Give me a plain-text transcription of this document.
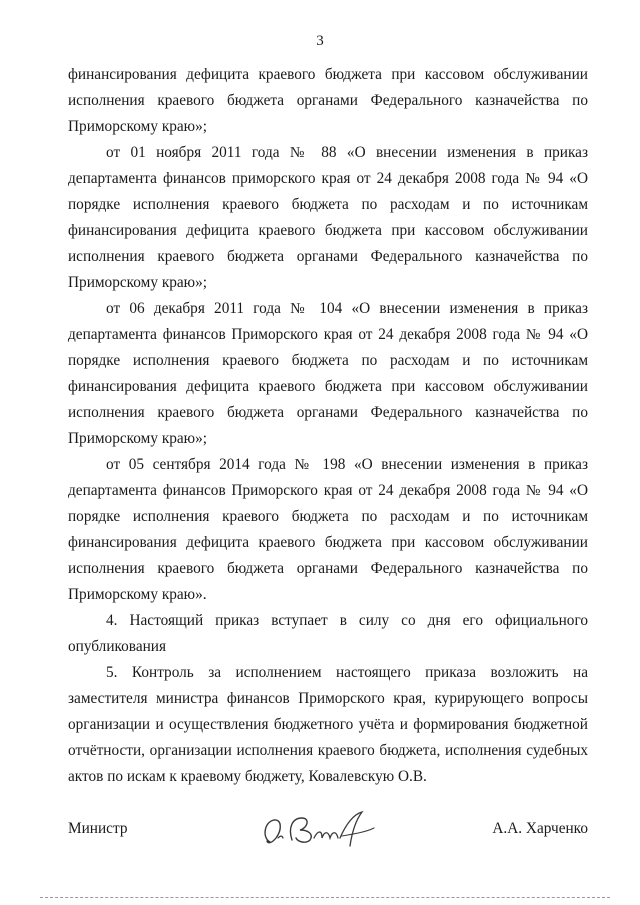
3

финансирования дефицита краевого бюджета при кассовом обслуживании исполнения краевого бюджета органами Федерального казначейства по Приморскому краю»;

от 01 ноября 2011 года № 88 «О внесении изменения в приказ департамента финансов приморского края от 24 декабря 2008 года № 94 «О порядке исполнения краевого бюджета по расходам и по источникам финансирования дефицита краевого бюджета при кассовом обслуживании исполнения краевого бюджета органами Федерального казначейства по Приморскому краю»;

от 06 декабря 2011 года № 104 «О внесении изменения в приказ департамента финансов Приморского края от 24 декабря 2008 года № 94 «О порядке исполнения краевого бюджета по расходам и по источникам финансирования дефицита краевого бюджета при кассовом обслуживании исполнения краевого бюджета органами Федерального казначейства по Приморскому краю»;

от 05 сентября 2014 года № 198 «О внесении изменения в приказ департамента финансов Приморского края от 24 декабря 2008 года № 94 «О порядке исполнения краевого бюджета по расходам и по источникам финансирования дефицита краевого бюджета при кассовом обслуживании исполнения краевого бюджета органами Федерального казначейства по Приморскому краю».

4. Настоящий приказ вступает в силу со дня его официального опубликования

5. Контроль за исполнением настоящего приказа возложить на заместителя министра финансов Приморского края, курирующего вопросы организации и осуществления бюджетного учёта и формирования бюджетной отчётности, организации исполнения краевого бюджета, исполнения судебных актов по искам к краевому бюджету, Ковалевскую О.В.

Министр	А.А. Харченко
